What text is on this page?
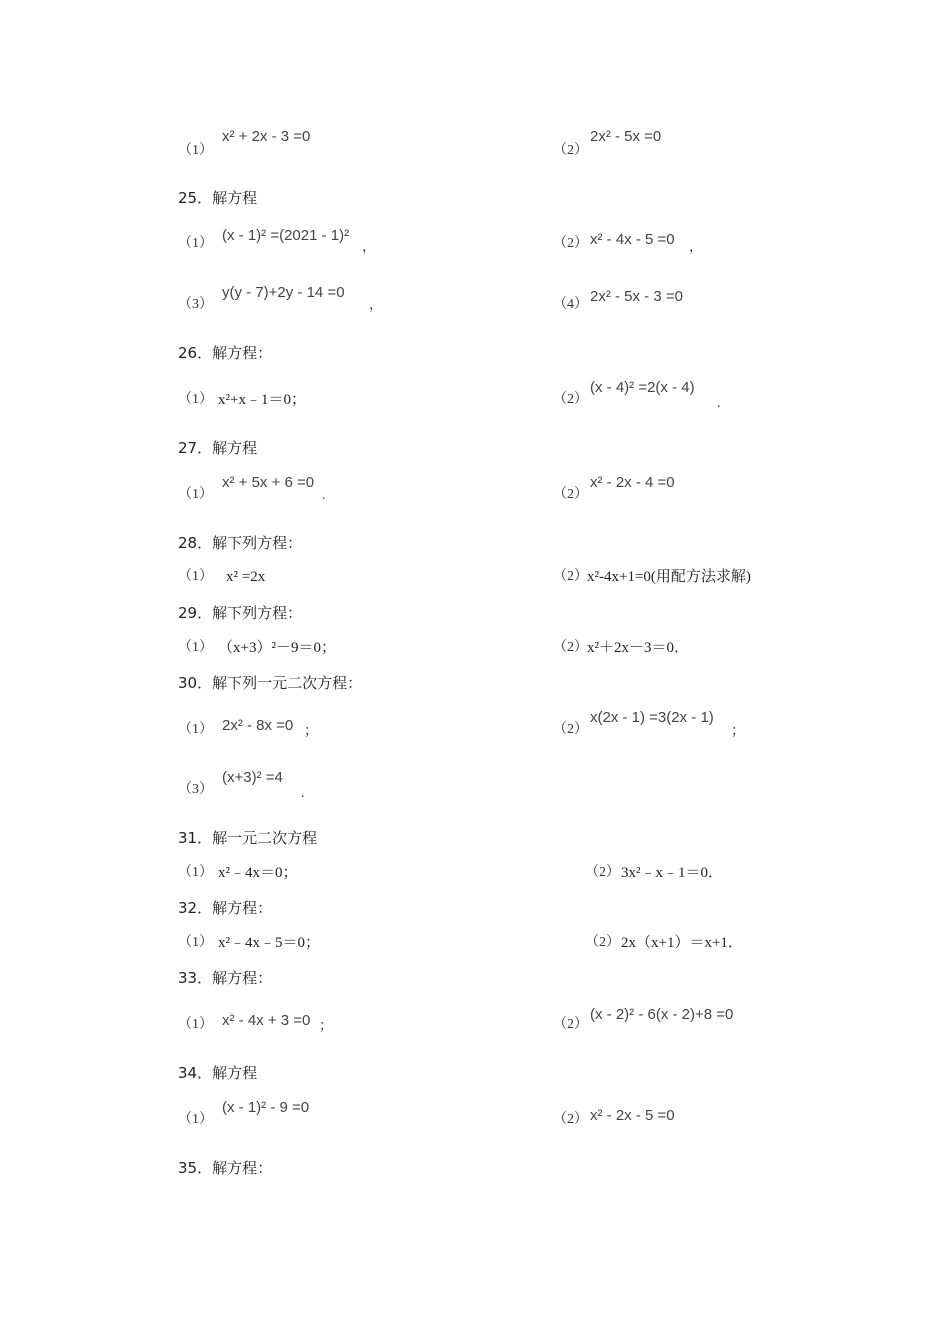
（1）
x² + 2x - 3 =0
（2）
2x² - 5x =0
25．解方程
（1） (x - 1)² =(2021 - 1)²
，	（2） x² - 4x - 5 =0 ，
（3）
y(y - 7)+2y - 14 =0
，	（4） 2x² - 5x - 3 =0
26．解方程：
（1） x²+x﹣1＝0；	（2）
(x - 4)² =2(x - 4)
.
27．解方程
（1）
x² + 5x + 6 =0
.	（2）
x² - 2x - 4 =0
28．解下列方程：
（1） x² =2x	（2） x²-4x+1=0(用配方法求解)
29．解下列方程：
（1） （x+3）²－9＝0；	（2） x²＋2x－3＝0．
30．解下列一元二次方程：
（1） 2x² - 8x =0 ；	（2）
x(2x - 1) =3(2x - 1)
；
（3）
(x+3)² =4
.
31．解一元二次方程
（1） x²﹣4x＝0；	（2） 3x²﹣x﹣1＝0．
32．解方程：
（1） x²﹣4x﹣5＝0；	（2） 2x（x+1）＝x+1．
33．解方程：
（1） x² - 4x + 3 =0 ；	（2）
(x - 2)² - 6(x - 2)+8 =0
34．解方程
（1）
(x - 1)² - 9 =0
（2） x² - 2x - 5 =0
35．解方程：
